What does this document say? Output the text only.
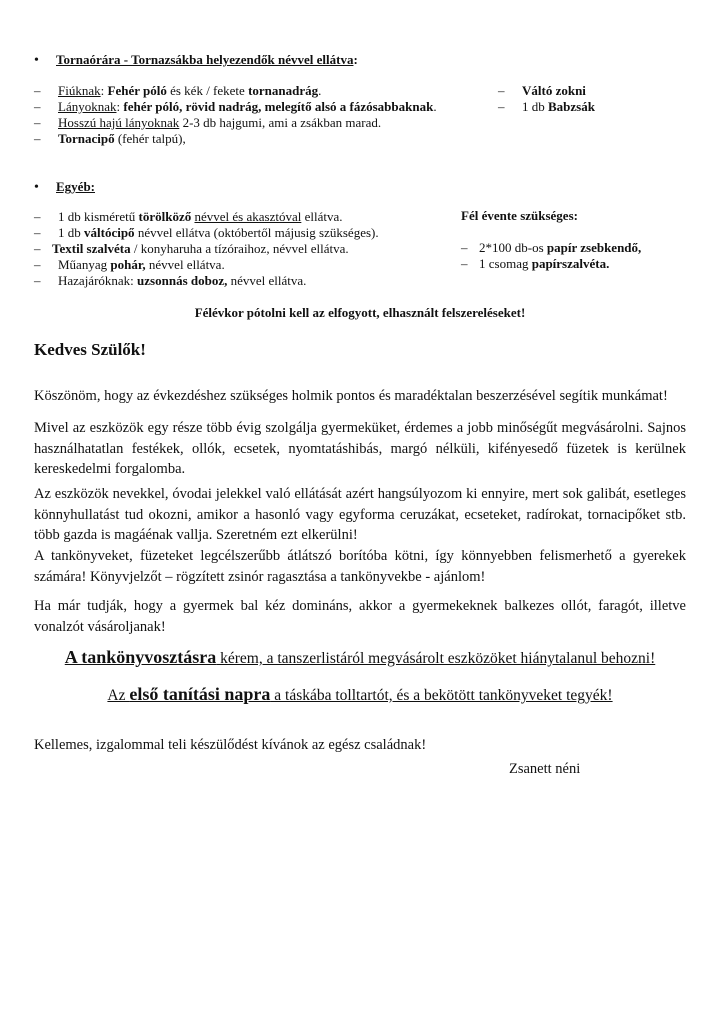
• Tornaórára - Tornazsákba helyezendők névvel ellátva:
– Fiúknak: Fehér póló és kék / fekete tornanadrág.
– Lányoknak: fehér póló, rövid nadrág, melegítő alsó a fázósabbaknak.
– Hosszú hajú lányoknak 2-3 db hajgumi, ami a zsákban marad.
– Tornacipő (fehér talpú),
– Váltó zokni
– 1 db Babzsák
• Egyéb:
– 1 db kisméretű törölköző névvel és akasztóval ellátva.
– 1 db váltócipő névvel ellátva (októbertől májusig szükséges).
– Textil szalvéta / konyharuha a tízóraihoz, névvel ellátva.
– Műanyag pohár, névvel ellátva.
– Hazajáróknak: uzsonnás doboz, névvel ellátva.
Fél évente szükséges:
– 2*100 db-os papír zsebkendő,
– 1 csomag papírszalvéta.
Félévkor pótolni kell az elfogyott, elhasznált felszereléseket!
Kedves Szülők!
Köszönöm, hogy az évkezdéshez szükséges holmik pontos és maradéktalan beszerzésével segítik munkámat!
Mivel az eszközök egy része több évig szolgálja gyermeküket, érdemes a jobb minőségűt megvásárolni. Sajnos használhatatlan festékek, ollók, ecsetek, nyomtatáshibás, margó nélküli, kifényesedő füzetek is kerülnek kereskedelmi forgalomba.
Az eszközök nevekkel, óvodai jelekkel való ellátását azért hangsúlyozom ki ennyire, mert sok galibát, esetleges könnyhullatást tud okozni, amikor a hasonló vagy egyforma ceruzákat, ecseteket, radírokat, tornacipőket stb. több gazda is magáénak vallja. Szeretném ezt elkerülni!
A tankönyveket, füzeteket legcélszerűbb átlátszó borítóba kötni, így könnyebben felismerhető a gyerekek számára! Könyvjelzőt – rögzített zsinór ragasztása a tankönyvekbe - ajánlom!
Ha már tudják, hogy a gyermek bal kéz domináns, akkor a gyermekeknek balkezes ollót, faragót, illetve vonalzót vásároljanak!
A tankönyvosztásra kérem, a tanszerlistáról megvásárolt eszközöket hiánytalanul behozni!
Az első tanítási napra a táskába tolltartót, és a bekötött tankönyveket tegyék!
Kellemes, izgalommal teli készülődést kívánok az egész családnak!
Zsanett néni
